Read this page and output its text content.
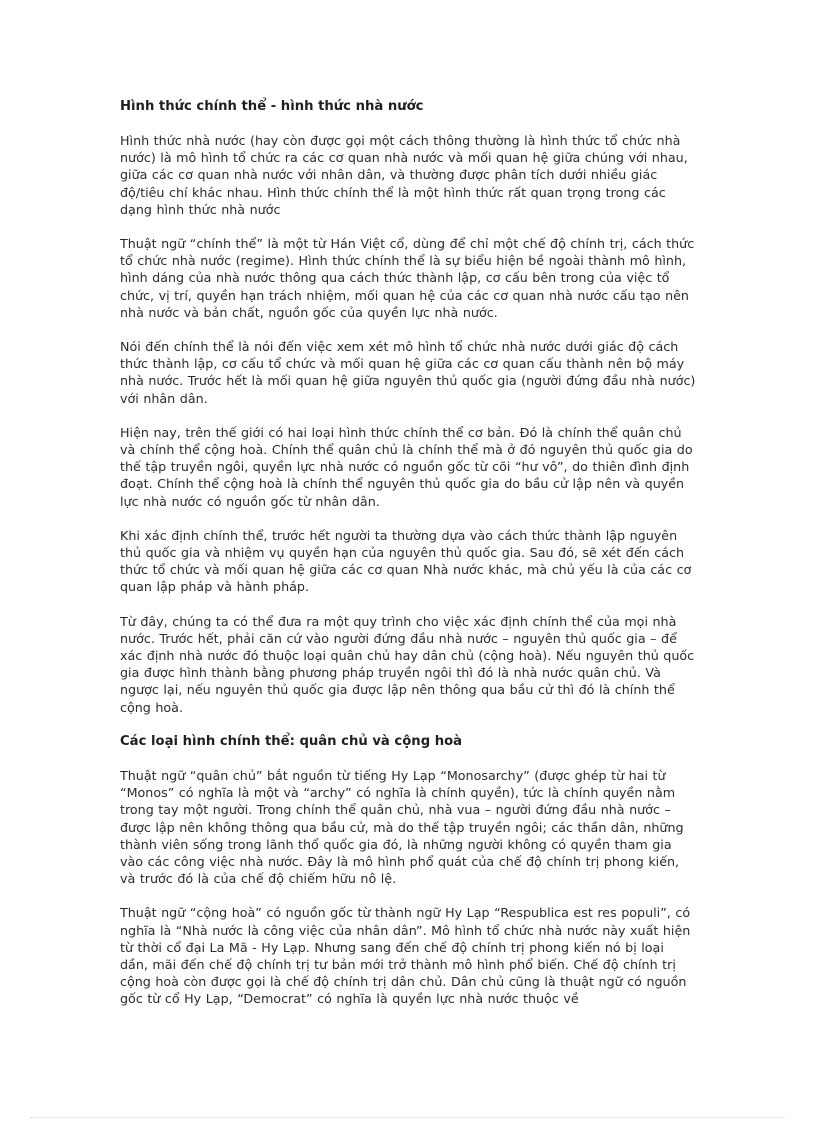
Hình thức chính thể - hình thức nhà nước

Hình thức nhà nước (hay còn được gọi một cách thông thường là hình thức tổ chức nhà nước) là mô hình tổ chức ra các cơ quan nhà nước và mối quan hệ giữa chúng với nhau, giữa các cơ quan nhà nước với nhân dân, và thường được phân tích dưới nhiều giác độ/tiêu chí khác nhau. Hình thức chính thể là một hình thức rất quan trọng trong các dạng hình thức nhà nước

Thuật ngữ “chính thể” là một từ Hán Việt cổ, dùng để chỉ một chế độ chính trị, cách thức tổ chức nhà nước (regime). Hình thức chính thể là sự biểu hiện bề ngoài thành mô hình, hình dáng của nhà nước thông qua cách thức thành lập, cơ cấu bên trong của việc tổ chức, vị trí, quyền hạn trách nhiệm, mối quan hệ của các cơ quan nhà nước cấu tạo nên nhà nước và bản chất, nguồn gốc của quyền lực nhà nước.

Nói đến chính thể là nói đến việc xem xét mô hình tổ chức nhà nước dưới giác độ cách thức thành lập, cơ cấu tổ chức và mối quan hệ giữa các cơ quan cấu thành nên bộ máy nhà nước. Trước hết là mối quan hệ giữa nguyên thủ quốc gia (người đứng đầu nhà nước) với nhân dân.

Hiện nay, trên thế giới có hai loại hình thức chính thể cơ bản. Đó là chính thể quân chủ và chính thể cộng hoà. Chính thể quân chủ là chính thể mà ở đó nguyên thủ quốc gia do thế tập truyền ngôi, quyền lực nhà nước có nguồn gốc từ cõi “hư vô”, do thiên đình định đoạt. Chính thể cộng hoà là chính thể nguyên thủ quốc gia do bầu cử lập nên và quyền lực nhà nước có nguồn gốc từ nhân dân.

Khi xác định chính thể, trước hết người ta thường dựa vào cách thức thành lập nguyên thủ quốc gia và nhiệm vụ quyền hạn của nguyên thủ quốc gia. Sau đó, sẽ xét đến cách thức tổ chức và mối quan hệ giữa các cơ quan Nhà nước khác, mà chủ yếu là của các cơ quan lập pháp và hành pháp.

Từ đây, chúng ta có thể đưa ra một quy trình cho việc xác định chính thể của mọi nhà nước. Trước hết, phải căn cứ vào người đứng đầu nhà nước – nguyên thủ quốc gia – để xác định nhà nước đó thuộc loại quân chủ hay dân chủ (cộng hoà). Nếu nguyên thủ quốc gia được hình thành bằng phương pháp truyền ngôi thì đó là nhà nước quân chủ. Và ngược lại, nếu nguyên thủ quốc gia được lập nên thông qua bầu cử thì đó là chính thể cộng hoà.

Các loại hình chính thể: quân chủ và cộng hoà

Thuật ngữ “quân chủ” bắt nguồn từ tiếng Hy Lạp “Monosarchy” (được ghép từ hai từ “Monos” có nghĩa là một và “archy” có nghĩa là chính quyền), tức là chính quyền nằm trong tay một người. Trong chính thể quân chủ, nhà vua – người đứng đầu nhà nước – được lập nên không thông qua bầu cử, mà do thế tập truyền ngôi; các thần dân, những thành viên sống trong lãnh thổ quốc gia đó, là những người không có quyền tham gia vào các công việc nhà nước. Đây là mô hình phổ quát của chế độ chính trị phong kiến, và trước đó là của chế độ chiếm hữu nô lệ.

Thuật ngữ “cộng hoà” có nguồn gốc từ thành ngữ Hy Lạp “Respublica est res populi”, có nghĩa là “Nhà nước là công việc của nhân dân”. Mô hình tổ chức nhà nước này xuất hiện từ thời cổ đại La Mã - Hy Lạp. Nhưng sang đến chế độ chính trị phong kiến nó bị loại dần, mãi đến chế độ chính trị tư bản mới trở thành mô hình phổ biến. Chế độ chính trị cộng hoà còn được gọi là chế độ chính trị dân chủ. Dân chủ cũng là thuật ngữ có nguồn gốc từ cổ Hy Lạp, “Democrat” có nghĩa là quyền lực nhà nước thuộc về
